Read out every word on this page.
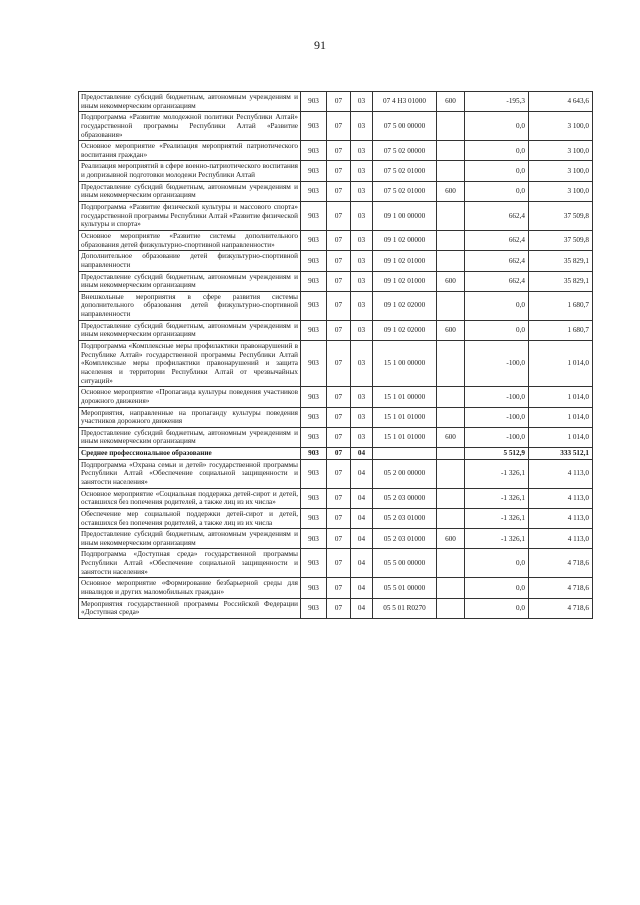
91
Предоставление субсидий бюджетным, автономным учреждениям и иным некоммерческим организациям	903	07	03	07 4 Н3 01000	600	-195,3	4 643,6
Подпрограмма «Развитие молодежной политики Республики Алтай» государственной программы Республики Алтай «Развитие образования»	903	07	03	07 5 00 00000		0,0	3 100,0
Основное мероприятие «Реализация мероприятий патриотического воспитания граждан»	903	07	03	07 5 02 00000		0,0	3 100,0
Реализация мероприятий в сфере военно-патриотического воспитания и допризывной подготовки молодежи Республики Алтай	903	07	03	07 5 02 01000		0,0	3 100,0
Предоставление субсидий бюджетным, автономным учреждениям и иным некоммерческим организациям	903	07	03	07 5 02 01000	600	0,0	3 100,0
Подпрограмма «Развитие физической культуры и массового спорта» государственной программы Республики Алтай «Развитие физической культуры и спорта»	903	07	03	09 1 00 00000		662,4	37 509,8
Основное мероприятие «Развитие системы дополнительного образования детей физкультурно-спортивной направленности»	903	07	03	09 1 02 00000		662,4	37 509,8
Дополнительное образование детей физкультурно-спортивной направленности	903	07	03	09 1 02 01000		662,4	35 829,1
Предоставление субсидий бюджетным, автономным учреждениям и иным некоммерческим организациям	903	07	03	09 1 02 01000	600	662,4	35 829,1
Внешкольные мероприятия в сфере развития системы дополнительного образования детей физкультурно-спортивной направленности	903	07	03	09 1 02 02000		0,0	1 680,7
Предоставление субсидий бюджетным, автономным учреждениям и иным некоммерческим организациям	903	07	03	09 1 02 02000	600	0,0	1 680,7
Подпрограмма «Комплексные меры профилактики правонарушений в Республике Алтай» государственной программы Республики Алтай «Комплексные меры профилактики правонарушений и защита населения и территории Республики Алтай от чрезвычайных ситуаций»	903	07	03	15 1 00 00000		-100,0	1 014,0
Основное мероприятие «Пропаганда культуры поведения участников дорожного движения»	903	07	03	15 1 01 00000		-100,0	1 014,0
Мероприятия, направленные на пропаганду культуры поведения участников дорожного движения	903	07	03	15 1 01 01000		-100,0	1 014,0
Предоставление субсидий бюджетным, автономным учреждениям и иным некоммерческим организациям	903	07	03	15 1 01 01000	600	-100,0	1 014,0
Среднее профессиональное образование	903	07	04			5 512,9	333 512,1
Подпрограмма «Охрана семьи и детей» государственной программы Республики Алтай «Обеспечение социальной защищенности и занятости населения»	903	07	04	05 2 00 00000		-1 326,1	4 113,0
Основное мероприятие «Социальная поддержка детей-сирот и детей, оставшихся без попечения родителей, а также лиц из их числа»	903	07	04	05 2 03 00000		-1 326,1	4 113,0
Обеспечение мер социальной поддержки детей-сирот и детей, оставшихся без попечения родителей, а также лиц из их числа	903	07	04	05 2 03 01000		-1 326,1	4 113,0
Предоставление субсидий бюджетным, автономным учреждениям и иным некоммерческим организациям	903	07	04	05 2 03 01000	600	-1 326,1	4 113,0
Подпрограмма «Доступная среда» государственной программы Республики Алтай «Обеспечение социальной защищенности и занятости населения»	903	07	04	05 5 00 00000		0,0	4 718,6
Основное мероприятие «Формирование безбарьерной среды для инвалидов и других маломобильных граждан»	903	07	04	05 5 01 00000		0,0	4 718,6
Мероприятия государственной программы Российской Федерации «Доступная среда»	903	07	04	05 5 01 R0270		0,0	4 718,6
